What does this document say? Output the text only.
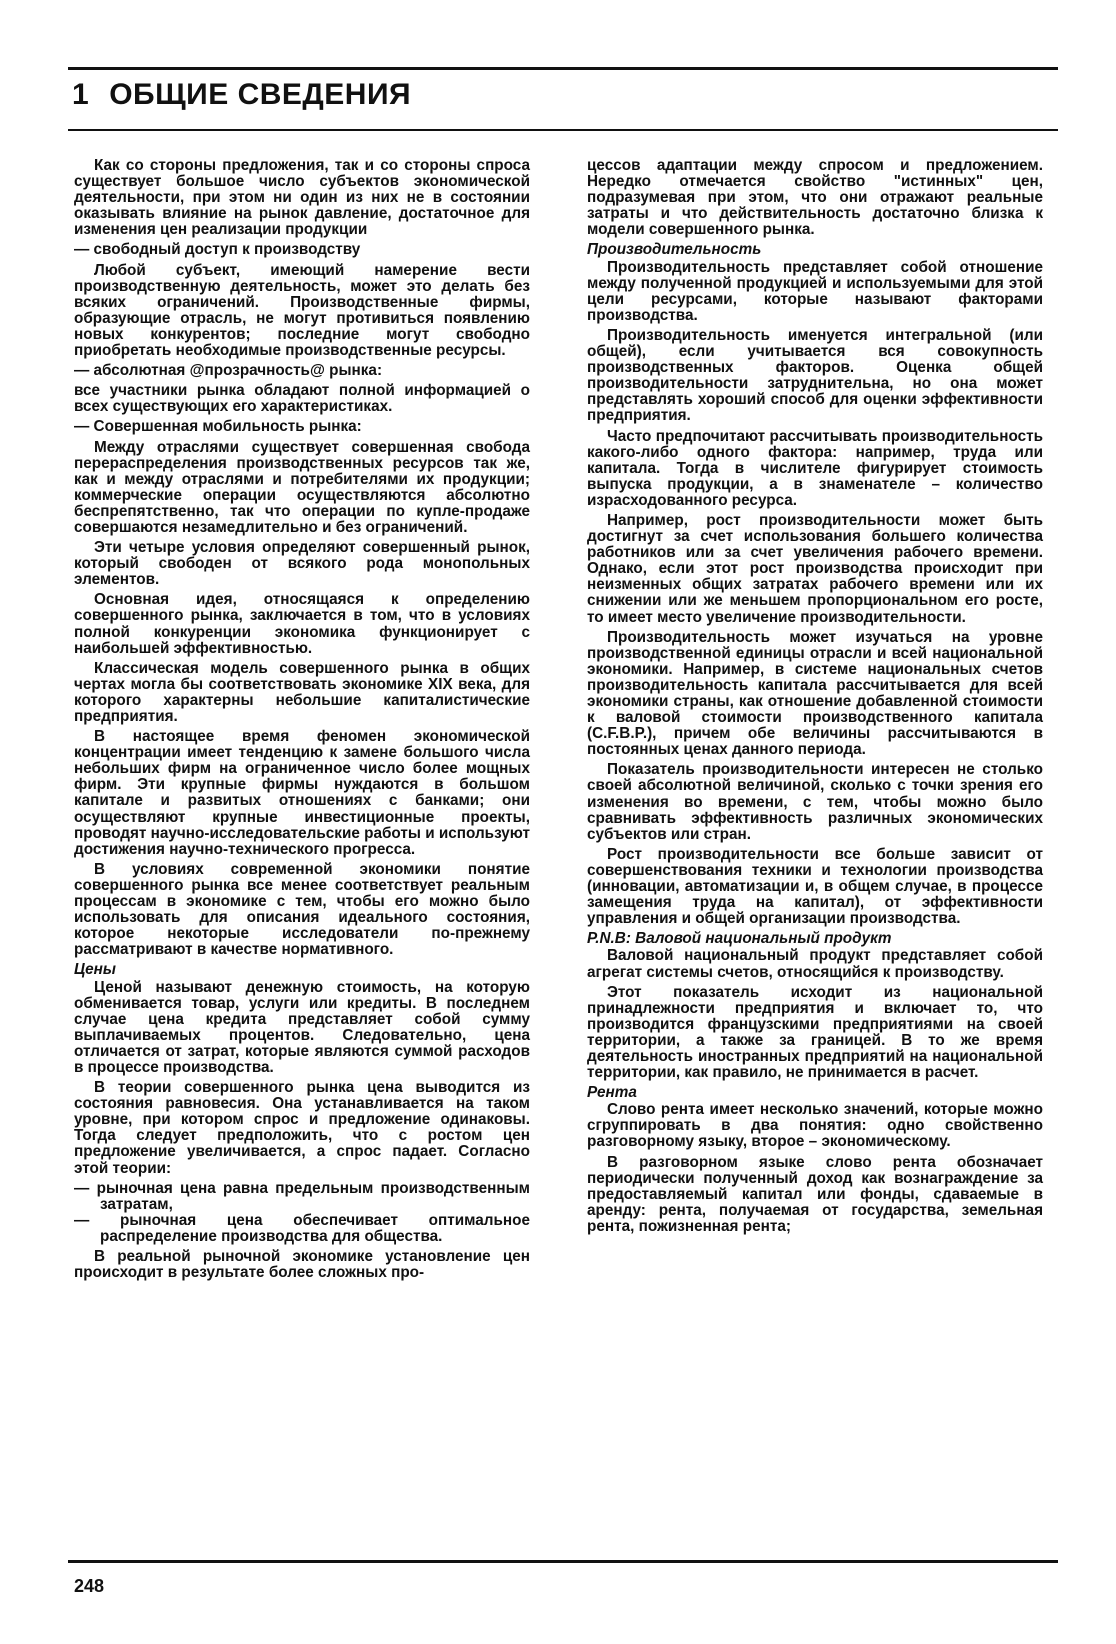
1 ОБЩИЕ СВЕДЕНИЯ

Как со стороны предложения, так и со стороны спроса существует большое число субъектов экономической деятельности, при этом ни один из них не в состоянии оказывать влияние на рынок давление, достаточное для изменения цен реализации продукции

— свободный доступ к производству

Любой субъект, имеющий намерение вести производственную деятельность, может это делать без всяких ограничений. Производственные фирмы, образующие отрасль, не могут противиться появлению новых конкурентов; последние могут свободно приобретать необходимые производственные ресурсы.

— абсолютная @прозрачность@ рынка:

все участники рынка обладают полной информацией о всех существующих его характеристиках.

— Совершенная мобильность рынка:

Между отраслями существует совершенная свобода перераспределения производственных ресурсов так же, как и между отраслями и потребителями их продукции; коммерческие операции осуществляются абсолютно беспрепятственно, так что операции по купле-продаже совершаются незамедлительно и без ограничений.

Эти четыре условия определяют совершенный рынок, который свободен от всякого рода монопольных элементов.

Основная идея, относящаяся к определению совершенного рынка, заключается в том, что в условиях полной конкуренции экономика функционирует с наибольшей эффективностью.

Классическая модель совершенного рынка в общих чертах могла бы соответствовать экономике XIX века, для которого характерны небольшие капиталистические предприятия.

В настоящее время феномен экономической концентрации имеет тенденцию к замене большого числа небольших фирм на ограниченное число более мощных фирм. Эти крупные фирмы нуждаются в большом капитале и развитых отношениях с банками; они осуществляют крупные инвестиционные проекты, проводят научно-исследовательские работы и используют достижения научно-технического прогресса.

В условиях современной экономики понятие совершенного рынка все менее соответствует реальным процессам в экономике с тем, чтобы его можно было использовать для описания идеального состояния, которое некоторые исследователи по-прежнему рассматривают в качестве нормативного.

Цены

Ценой называют денежную стоимость, на которую обменивается товар, услуги или кредиты. В последнем случае цена кредита представляет собой сумму выплачиваемых процентов. Следовательно, цена отличается от затрат, которые являются суммой расходов в процессе производства.

В теории совершенного рынка цена выводится из состояния равновесия. Она устанавливается на таком уровне, при котором спрос и предложение одинаковы. Тогда следует предположить, что с ростом цен предложение увеличивается, а спрос падает. Согласно этой теории:

— рыночная цена равна предельным производственным затратам,
— рыночная цена обеспечивает оптимальное распределение производства для общества.

В реальной рыночной экономике установление цен происходит в результате более сложных про-

цессов адаптации между спросом и предложением. Нередко отмечается свойство "истинных" цен, подразумевая при этом, что они отражают реальные затраты и что действительность достаточно близка к модели совершенного рынка.

Производительность

Производительность представляет собой отношение между полученной продукцией и используемыми для этой цели ресурсами, которые называют факторами производства.

Производительность именуется интегральной (или общей), если учитывается вся совокупность производственных факторов. Оценка общей производительности затруднительна, но она может представлять хороший способ для оценки эффективности предприятия.

Часто предпочитают рассчитывать производительность какого-либо одного фактора: например, труда или капитала. Тогда в числителе фигурирует стоимость выпуска продукции, а в знаменателе – количество израсходованного ресурса.

Например, рост производительности может быть достигнут за счет использования большего количества работников или за счет увеличения рабочего времени. Однако, если этот рост производства происходит при неизменных общих затратах рабочего времени или их снижении или же меньшем пропорциональном его росте, то имеет место увеличение производительности.

Производительность может изучаться на уровне производственной единицы отрасли и всей национальной экономики. Например, в системе национальных счетов производительность капитала рассчитывается для всей экономики страны, как отношение добавленной стоимости к валовой стоимости производственного капитала (C.F.B.P.), причем обе величины рассчитываются в постоянных ценах данного периода.

Показатель производительности интересен не столько своей абсолютной величиной, сколько с точки зрения его изменения во времени, с тем, чтобы можно было сравнивать эффективность различных экономических субъектов или стран.

Рост производительности все больше зависит от совершенствования техники и технологии производства (инновации, автоматизации и, в общем случае, в процессе замещения труда на капитал), от эффективности управления и общей организации производства.

P.N.B: Валовой национальный продукт

Валовой национальный продукт представляет собой агрегат системы счетов, относящийся к производству.

Этот показатель исходит из национальной принадлежности предприятия и включает то, что производится французскими предприятиями на своей территории, а также за границей. В то же время деятельность иностранных предприятий на национальной территории, как правило, не принимается в расчет.

Рента

Слово рента имеет несколько значений, которые можно сгруппировать в два понятия: одно свойственно разговорному языку, второе – экономическому.

В разговорном языке слово рента обозначает периодически полученный доход как вознаграждение за предоставляемый капитал или фонды, сдаваемые в аренду: рента, получаемая от государства, земельная рента, пожизненная рента;

248
